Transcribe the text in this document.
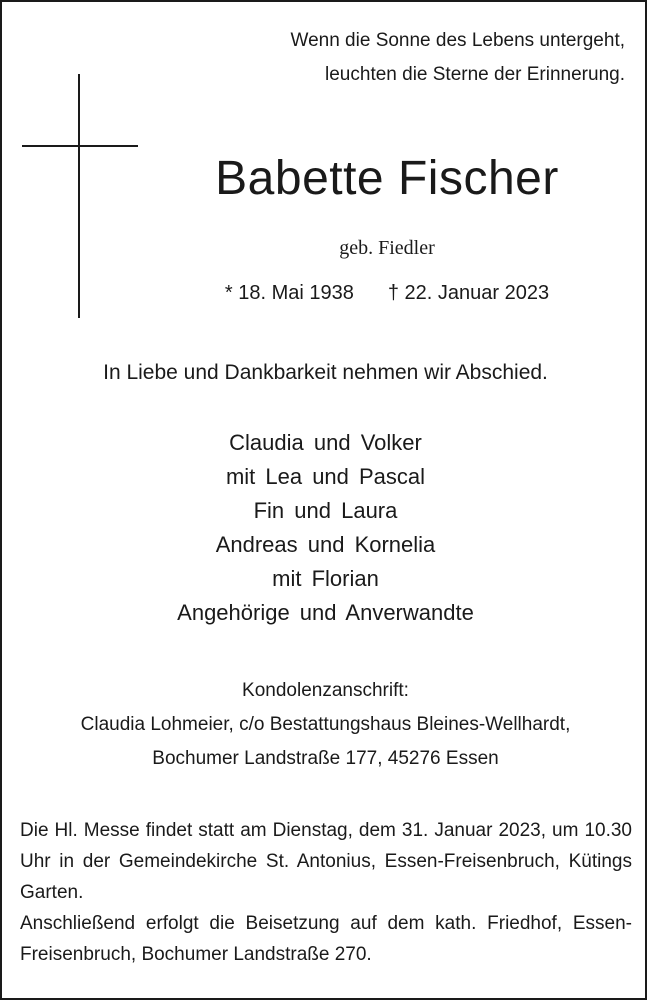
Wenn die Sonne des Lebens untergeht,
leuchten die Sterne der Erinnerung.
Babette Fischer
geb. Fiedler
* 18. Mai 1938 † 22. Januar 2023
In Liebe und Dankbarkeit nehmen wir Abschied.
Claudia und Volker
mit Lea und Pascal
Fin und Laura
Andreas und Kornelia
mit Florian
Angehörige und Anverwandte
Kondolenzanschrift:
Claudia Lohmeier, c/o Bestattungshaus Bleines-Wellhardt,
Bochumer Landstraße 177, 45276 Essen

Die Hl. Messe findet statt am Dienstag, dem 31. Januar 2023, um 10.30 Uhr in der Gemeindekirche St. Antonius, Essen-Freisenbruch, Kütings Garten.

Anschließend erfolgt die Beisetzung auf dem kath. Friedhof, Essen-Freisenbruch, Bochumer Landstraße 270.
